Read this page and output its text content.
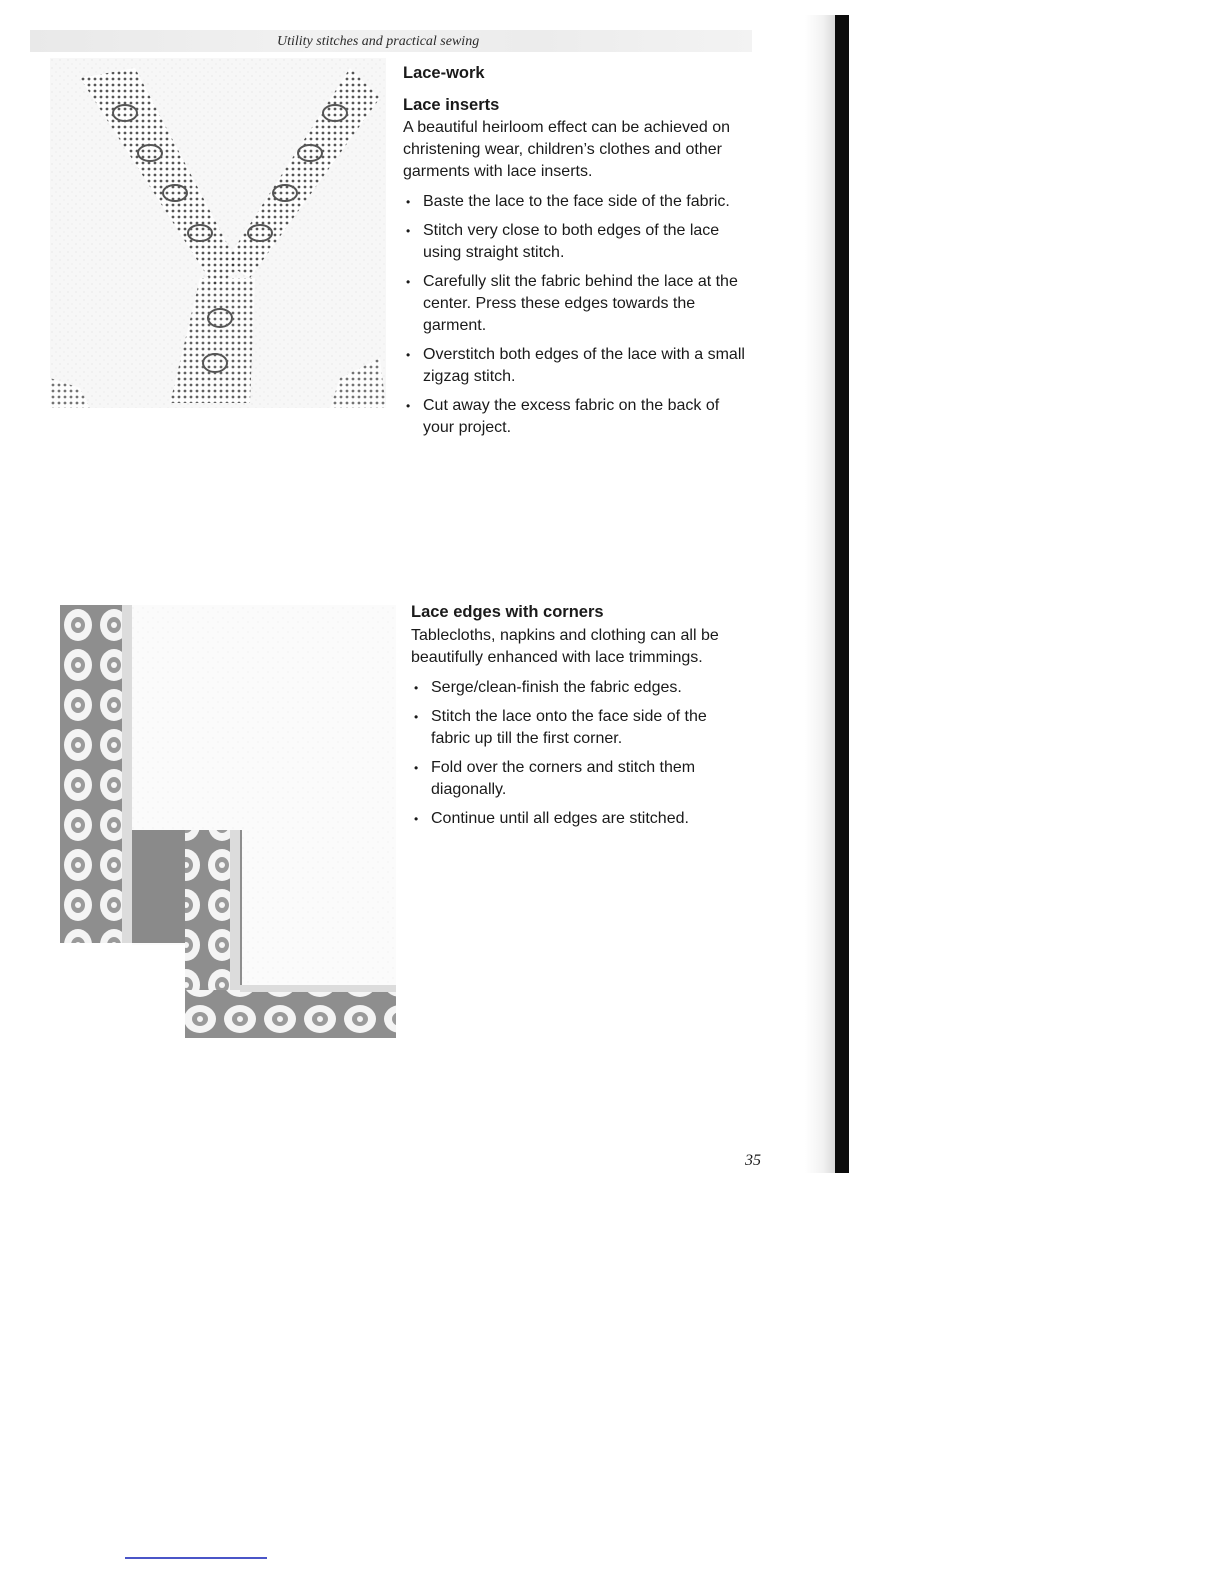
Utility stitches and practical sewing
Lace-work
Lace inserts

A beautiful heirloom effect can be achieved on christening wear, children’s clothes and other garments with lace inserts.

• Baste the lace to the face side of the fabric.
• Stitch very close to both edges of the lace using straight stitch.
• Carefully slit the fabric behind the lace at the center. Press these edges towards the garment.
• Overstitch both edges of the lace with a small zigzag stitch.
• Cut away the excess fabric on the back of your project.
Lace edges with corners

Tablecloths, napkins and clothing can all be beautifully enhanced with lace trimmings.

• Serge/clean-finish the fabric edges.
• Stitch the lace onto the face side of the fabric up till the first corner.
• Fold over the corners and stitch them diagonally.
• Continue until all edges are stitched.
35
